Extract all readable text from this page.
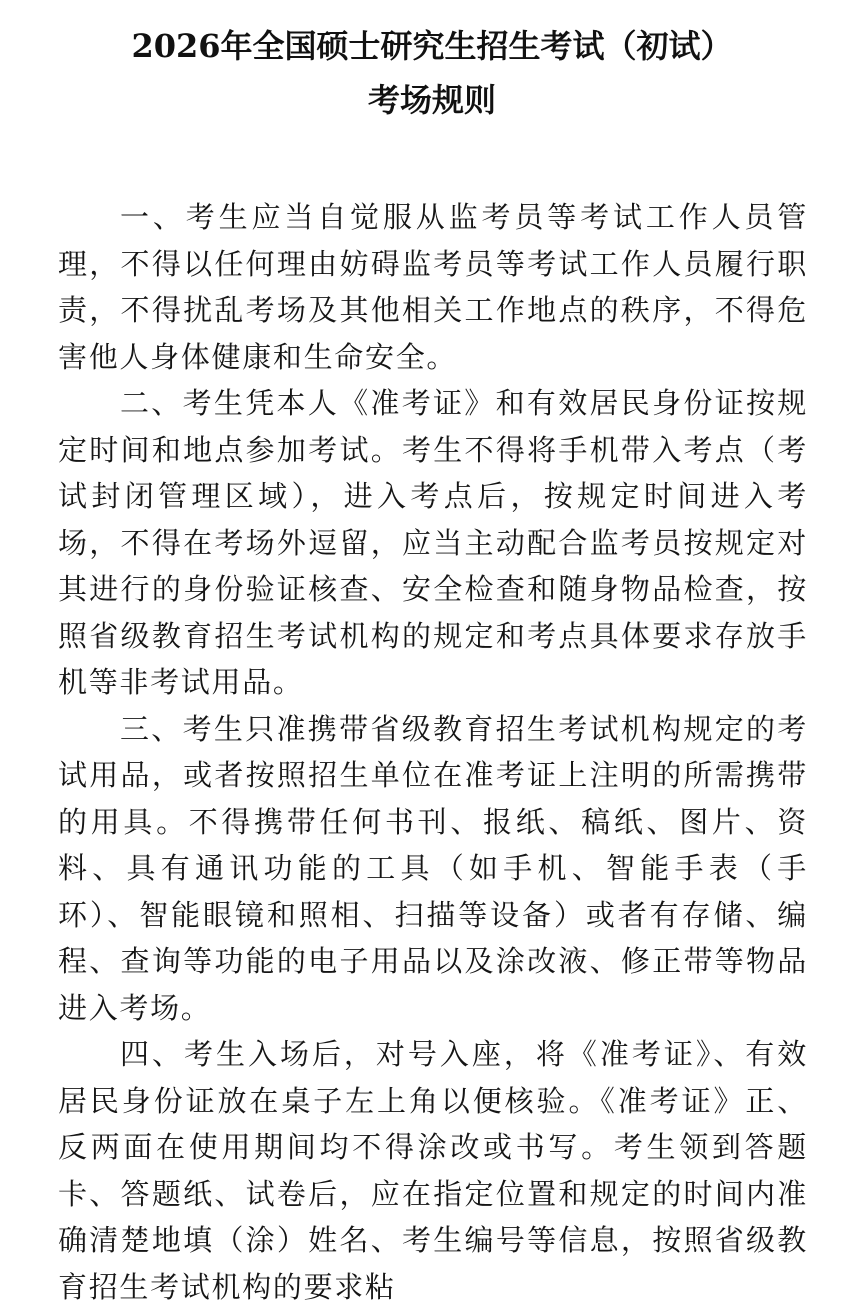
2026年全国硕士研究生招生考试（初试）
考场规则

一、考生应当自觉服从监考员等考试工作人员管理，不得以任何理由妨碍监考员等考试工作人员履行职责，不得扰乱考场及其他相关工作地点的秩序，不得危害他人身体健康和生命安全。

二、考生凭本人《准考证》和有效居民身份证按规定时间和地点参加考试。考生不得将手机带入考点（考试封闭管理区域），进入考点后，按规定时间进入考场，不得在考场外逗留，应当主动配合监考员按规定对其进行的身份验证核查、安全检查和随身物品检查，按照省级教育招生考试机构的规定和考点具体要求存放手机等非考试用品。

三、考生只准携带省级教育招生考试机构规定的考试用品，或者按照招生单位在准考证上注明的所需携带的用具。不得携带任何书刊、报纸、稿纸、图片、资料、具有通讯功能的工具（如手机、智能手表（手环）、智能眼镜和照相、扫描等设备）或者有存储、编程、查询等功能的电子用品以及涂改液、修正带等物品进入考场。

四、考生入场后，对号入座，将《准考证》、有效居民身份证放在桌子左上角以便核验。《准考证》正、反两面在使用期间均不得涂改或书写。考生领到答题卡、答题纸、试卷后，应在指定位置和规定的时间内准确清楚地填（涂）姓名、考生编号等信息，按照省级教育招生考试机构的要求粘
